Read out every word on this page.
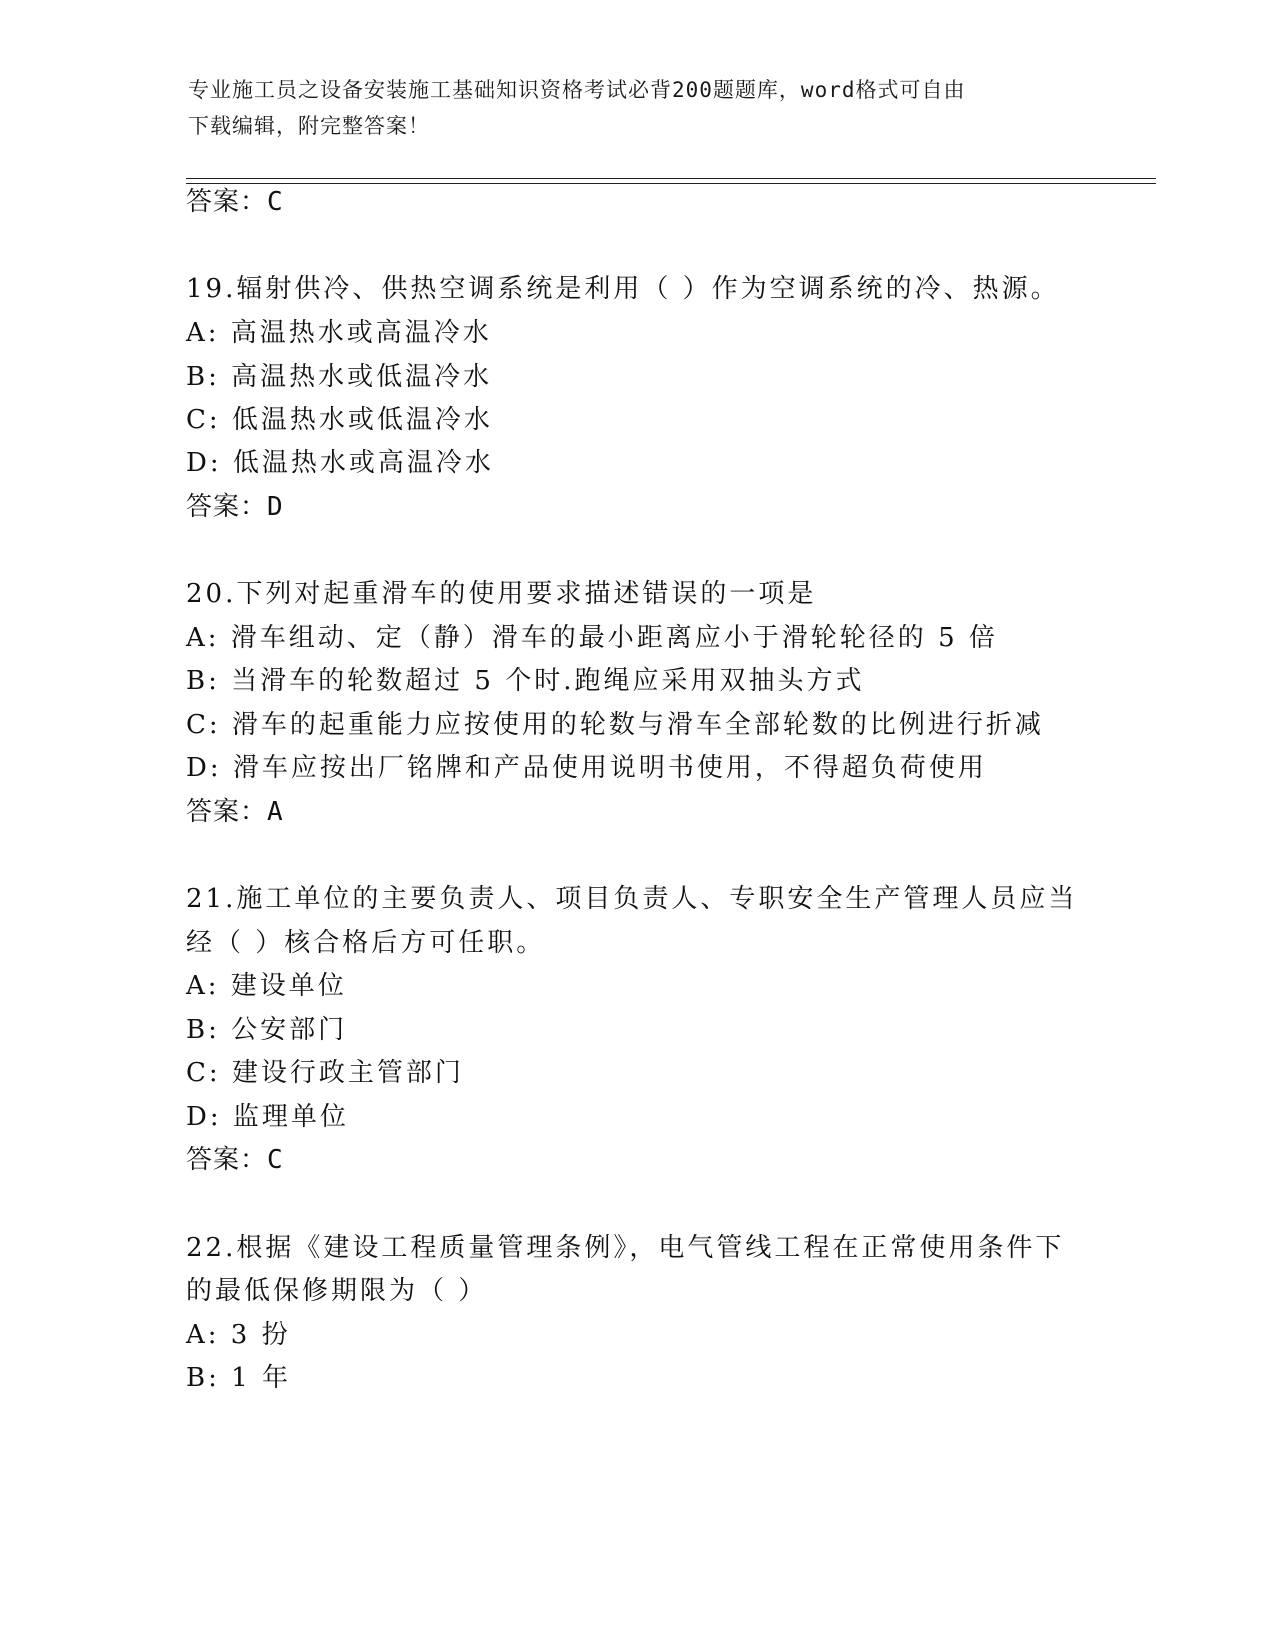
专业施工员之设备安装施工基础知识资格考试必背200题题库，word格式可自由
下载编辑，附完整答案！
答案：C
19.辐射供冷、供热空调系统是利用（ ）作为空调系统的冷、热源。
A: 高温热水或高温冷水
B: 高温热水或低温冷水
C: 低温热水或低温冷水
D: 低温热水或高温冷水
答案：D
20.下列对起重滑车的使用要求描述错误的一项是
A: 滑车组动、定（静）滑车的最小距离应小于滑轮轮径的 5 倍
B: 当滑车的轮数超过 5 个时.跑绳应采用双抽头方式
C: 滑车的起重能力应按使用的轮数与滑车全部轮数的比例进行折减
D: 滑车应按出厂铭牌和产品使用说明书使用，不得超负荷使用
答案：A
21.施工单位的主要负责人、项目负责人、专职安全生产管理人员应当
经（ ）核合格后方可任职。
A: 建设单位
B: 公安部门
C: 建设行政主管部门
D: 监理单位
答案：C
22.根据《建设工程质量管理条例》，电气管线工程在正常使用条件下
的最低保修期限为（ ）
A: 3 扮
B: 1 年
